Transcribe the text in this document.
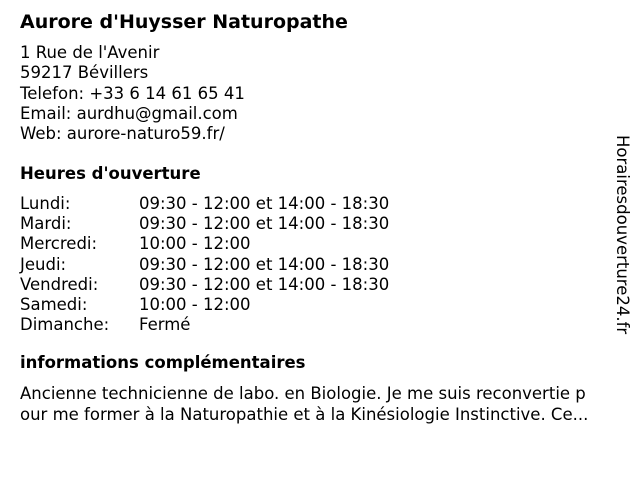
Aurore d'Huysser Naturopathe
1 Rue de l'Avenir
59217 Bévillers
Telefon: +33 6 14 61 65 41
Email: aurdhu@gmail.com
Web: aurore-naturo59.fr/
Heures d'ouverture
Lundi:	09:30 - 12:00 et 14:00 - 18:30
Mardi:	09:30 - 12:00 et 14:00 - 18:30
Mercredi:	10:00 - 12:00
Jeudi:	09:30 - 12:00 et 14:00 - 18:30
Vendredi: 09:30 - 12:00 et 14:00 - 18:30
Samedi:	10:00 - 12:00
Dimanche: Fermé
informations complémentaires
Ancienne technicienne de labo. en Biologie. Je me suis reconvertie p
our me former à la Naturopathie et à la Kinésiologie Instinctive. Ce...
Horairesdouverture24.fr
